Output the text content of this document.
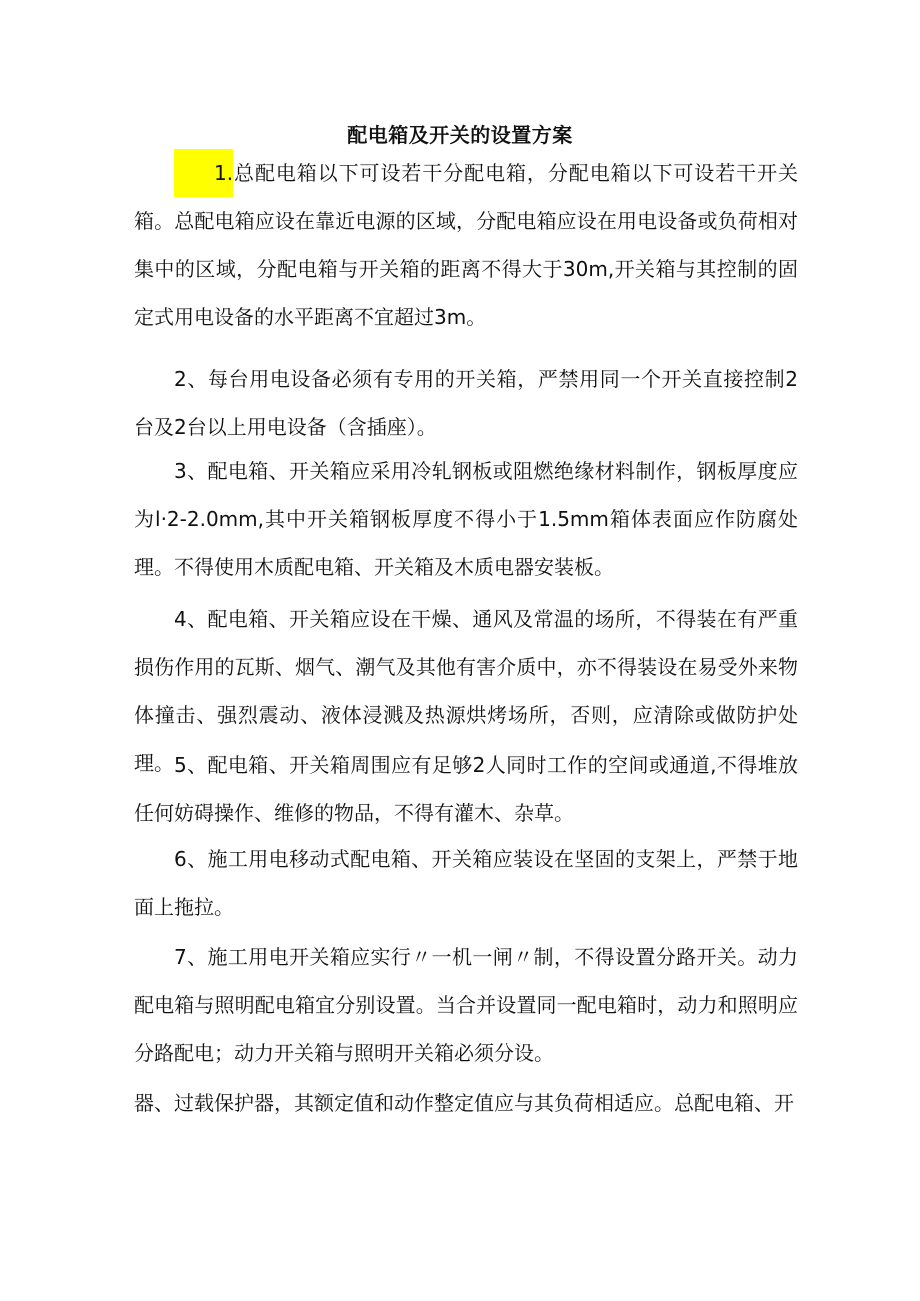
配电箱及开关的设置方案

1.总配电箱以下可设若干分配电箱，分配电箱以下可设若干开关箱。总配电箱应设在靠近电源的区域，分配电箱应设在用电设备或负荷相对集中的区域，分配电箱与开关箱的距离不得大于30m,开关箱与其控制的固定式用电设备的水平距离不宜超过3m。

2、每台用电设备必须有专用的开关箱，严禁用同一个开关直接控制2台及2台以上用电设备（含插座）。

3、配电箱、开关箱应采用冷轧钢板或阻燃绝缘材料制作，钢板厚度应为l·2-2.0mm,其中开关箱钢板厚度不得小于1.5mm箱体表面应作防腐处理。不得使用木质配电箱、开关箱及木质电器安装板。

4、配电箱、开关箱应设在干燥、通风及常温的场所，不得装在有严重损伤作用的瓦斯、烟气、潮气及其他有害介质中，亦不得装设在易受外来物体撞击、强烈震动、液体浸溅及热源烘烤场所，否则，应清除或做防护处理。 5、配电箱、开关箱周围应有足够2人同时工作的空间或通道,不得堆放任何妨碍操作、维修的物品，不得有灌木、杂草。

6、施工用电移动式配电箱、开关箱应装设在坚固的支架上，严禁于地面上拖拉。

7、施工用电开关箱应实行〃一机一闸〃制，不得设置分路开关。动力配电箱与照明配电箱宜分别设置。当合并设置同一配电箱时，动力和照明应分路配电；动力开关箱与照明开关箱必须分设。

器、过载保护器，其额定值和动作整定值应与其负荷相适应。总配电箱、开
